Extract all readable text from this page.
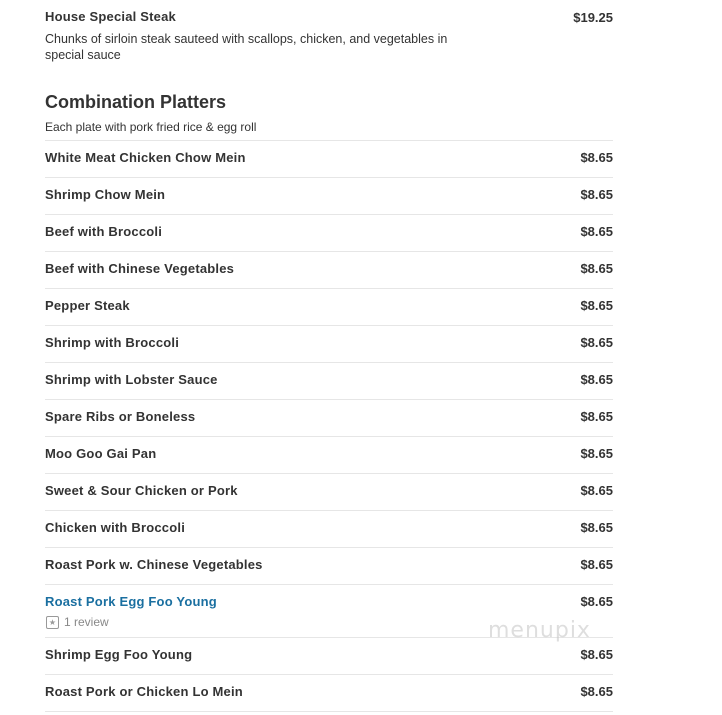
House Special Steak	$19.25
Chunks of sirloin steak sauteed with scallops, chicken, and vegetables in special sauce
Combination Platters
Each plate with pork fried rice & egg roll
White Meat Chicken Chow Mein	$8.65
Shrimp Chow Mein	$8.65
Beef with Broccoli	$8.65
Beef with Chinese Vegetables	$8.65
Pepper Steak	$8.65
Shrimp with Broccoli	$8.65
Shrimp with Lobster Sauce	$8.65
Spare Ribs or Boneless	$8.65
Moo Goo Gai Pan	$8.65
Sweet & Sour Chicken or Pork	$8.65
Chicken with Broccoli	$8.65
Roast Pork w. Chinese Vegetables	$8.65
Roast Pork Egg Foo Young	$8.65
★ 1 review
Shrimp Egg Foo Young	$8.65
Roast Pork or Chicken Lo Mein	$8.65
menupix
